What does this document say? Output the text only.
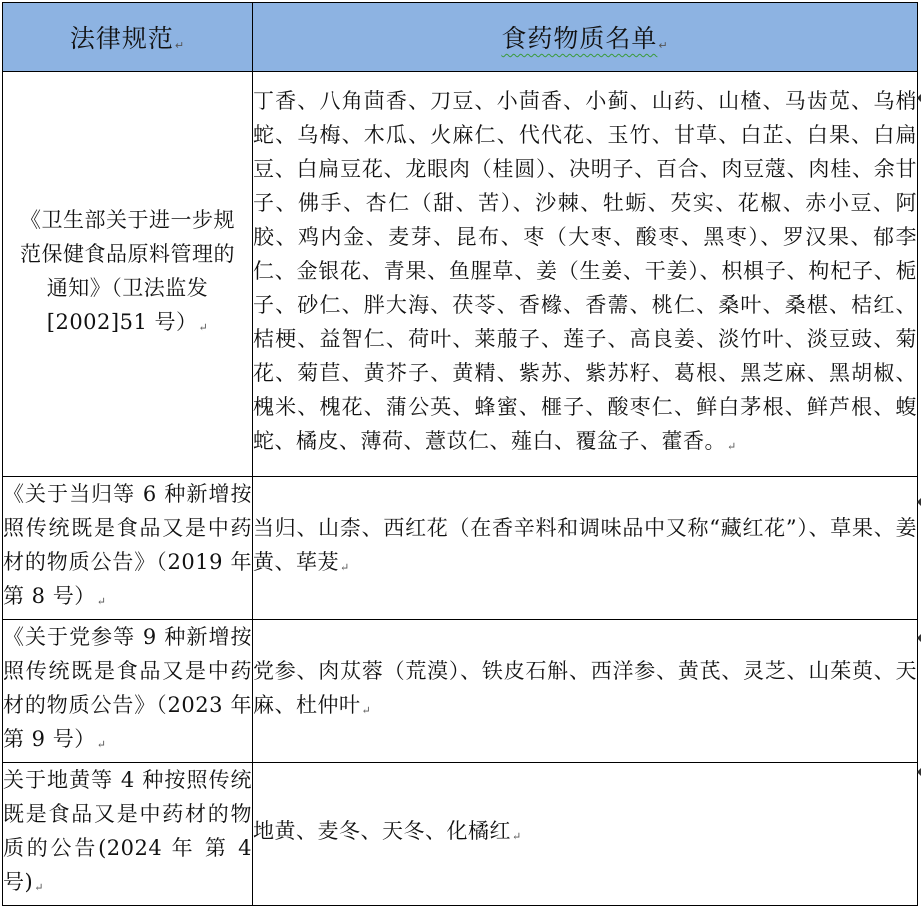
法律规范↵	食药物质名单↵
《卫生部关于进一步规范保健食品原料管理的通知》（卫法监发[2002]51 号）↵	丁香、八角茴香、刀豆、小茴香、小蓟、山药、山楂、马齿苋、乌梢蛇、乌梅、木瓜、火麻仁、代代花、玉竹、甘草、白芷、白果、白扁豆、白扁豆花、龙眼肉（桂圆）、决明子、百合、肉豆蔻、肉桂、余甘子、佛手、杏仁（甜、苦）、沙棘、牡蛎、芡实、花椒、赤小豆、阿胶、鸡内金、麦芽、昆布、枣（大枣、酸枣、黑枣）、罗汉果、郁李仁、金银花、青果、鱼腥草、姜（生姜、干姜）、枳椇子、枸杞子、栀子、砂仁、胖大海、茯苓、香橼、香薷、桃仁、桑叶、桑椹、桔红、桔梗、益智仁、荷叶、莱菔子、莲子、高良姜、淡竹叶、淡豆豉、菊花、菊苣、黄芥子、黄精、紫苏、紫苏籽、葛根、黑芝麻、黑胡椒、槐米、槐花、蒲公英、蜂蜜、榧子、酸枣仁、鲜白茅根、鲜芦根、蝮蛇、橘皮、薄荷、薏苡仁、薤白、覆盆子、藿香。↵
《关于当归等 6 种新增按照传统既是食品又是中药材的物质公告》（2019 年第 8 号）↵	当归、山柰、西红花（在香辛料和调味品中又称“藏红花”）、草果、姜黄、荜茇↵
《关于党参等 9 种新增按照传统既是食品又是中药材的物质公告》（2023 年第 9 号）↵	党参、肉苁蓉（荒漠）、铁皮石斛、西洋参、黄芪、灵芝、山茱萸、天麻、杜仲叶↵
关于地黄等 4 种按照传统既是食品又是中药材的物质的公告(2024 年 第 4 号)↵	地黄、麦冬、天冬、化橘红↵
